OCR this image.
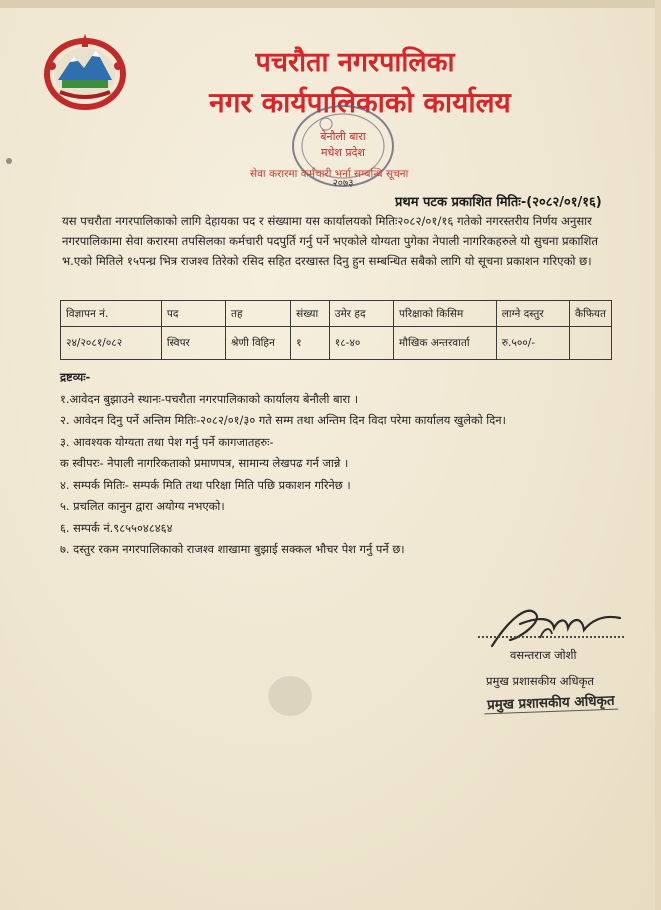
पचरौता नगरपालिका
नगर कार्यपालिकाको कार्यालय
बेनौली बारा
मधेश प्रदेश
२०७३
सेवा करारमा कर्मचारी भर्ना सम्बन्धि सूचना
प्रथम पटक प्रकाशित मितिः-(२०८२/०१/१६)
यस पचरौता नगरपालिकाको लागि देहायका पद र संख्यामा यस कार्यालयको मितिः२०८२/०१/१६ गतेको नगरस्तरीय निर्णय अनुसार नगरपालिकामा सेवा करारमा तपसिलका कर्मचारी पदपुर्ति गर्नु पर्ने भएकोले योग्यता पुगेका नेपाली नागरिकहरुले यो सुचना प्रकाशित भ.एको मितिले १५पन्ध्र भित्र राजश्व तिरेको रसिद सहित दरखास्त दिनु हुन सम्बन्धित सबैको लागि यो सूचना प्रकाशन गरिएको छ।
विज्ञापन नं.	पद	तह	संख्या	उमेर हद	परिक्षाको किसिम	लाग्ने दस्तुर	कैफियत
२४/२०८१/०८२	स्विपर	श्रेणी विहिन	१	१८-४०	मौखिक अन्तरवार्ता	रु.५००/-	
द्रष्टव्यः-
१.आवेदन बुझाउने स्थानः-पचरौता नगरपालिकाको कार्यालय बेनौली बारा ।
२. आवेदन दिनु पर्ने अन्तिम मितिः-२०८२/०१/३० गते सम्म तथा अन्तिम दिन विदा परेमा कार्यालय खुलेको दिन।
३. आवश्यक योग्यता तथा पेश गर्नु पर्ने कागजातहरुः-
क स्वीपरः- नेपाली नागरिकताको प्रमाणपत्र, सामान्य लेखपढ गर्न जान्ने ।
४. सम्पर्क मितिः- सम्पर्क मिति तथा परिक्षा मिति पछि प्रकाशन गरिनेछ ।
५. प्रचलित कानुन द्वारा अयोग्य नभएको।
६. सम्पर्क नं.९८५५०४८४६४
७. दस्तुर रकम नगरपालिकाको राजश्व शाखामा बुझाई सक्कल भौचर पेश गर्नु पर्ने छ।
वसन्तराज जोशी
प्रमुख प्रशासकीय अधिकृत
प्रमुख प्रशासकीय अधिकृत
